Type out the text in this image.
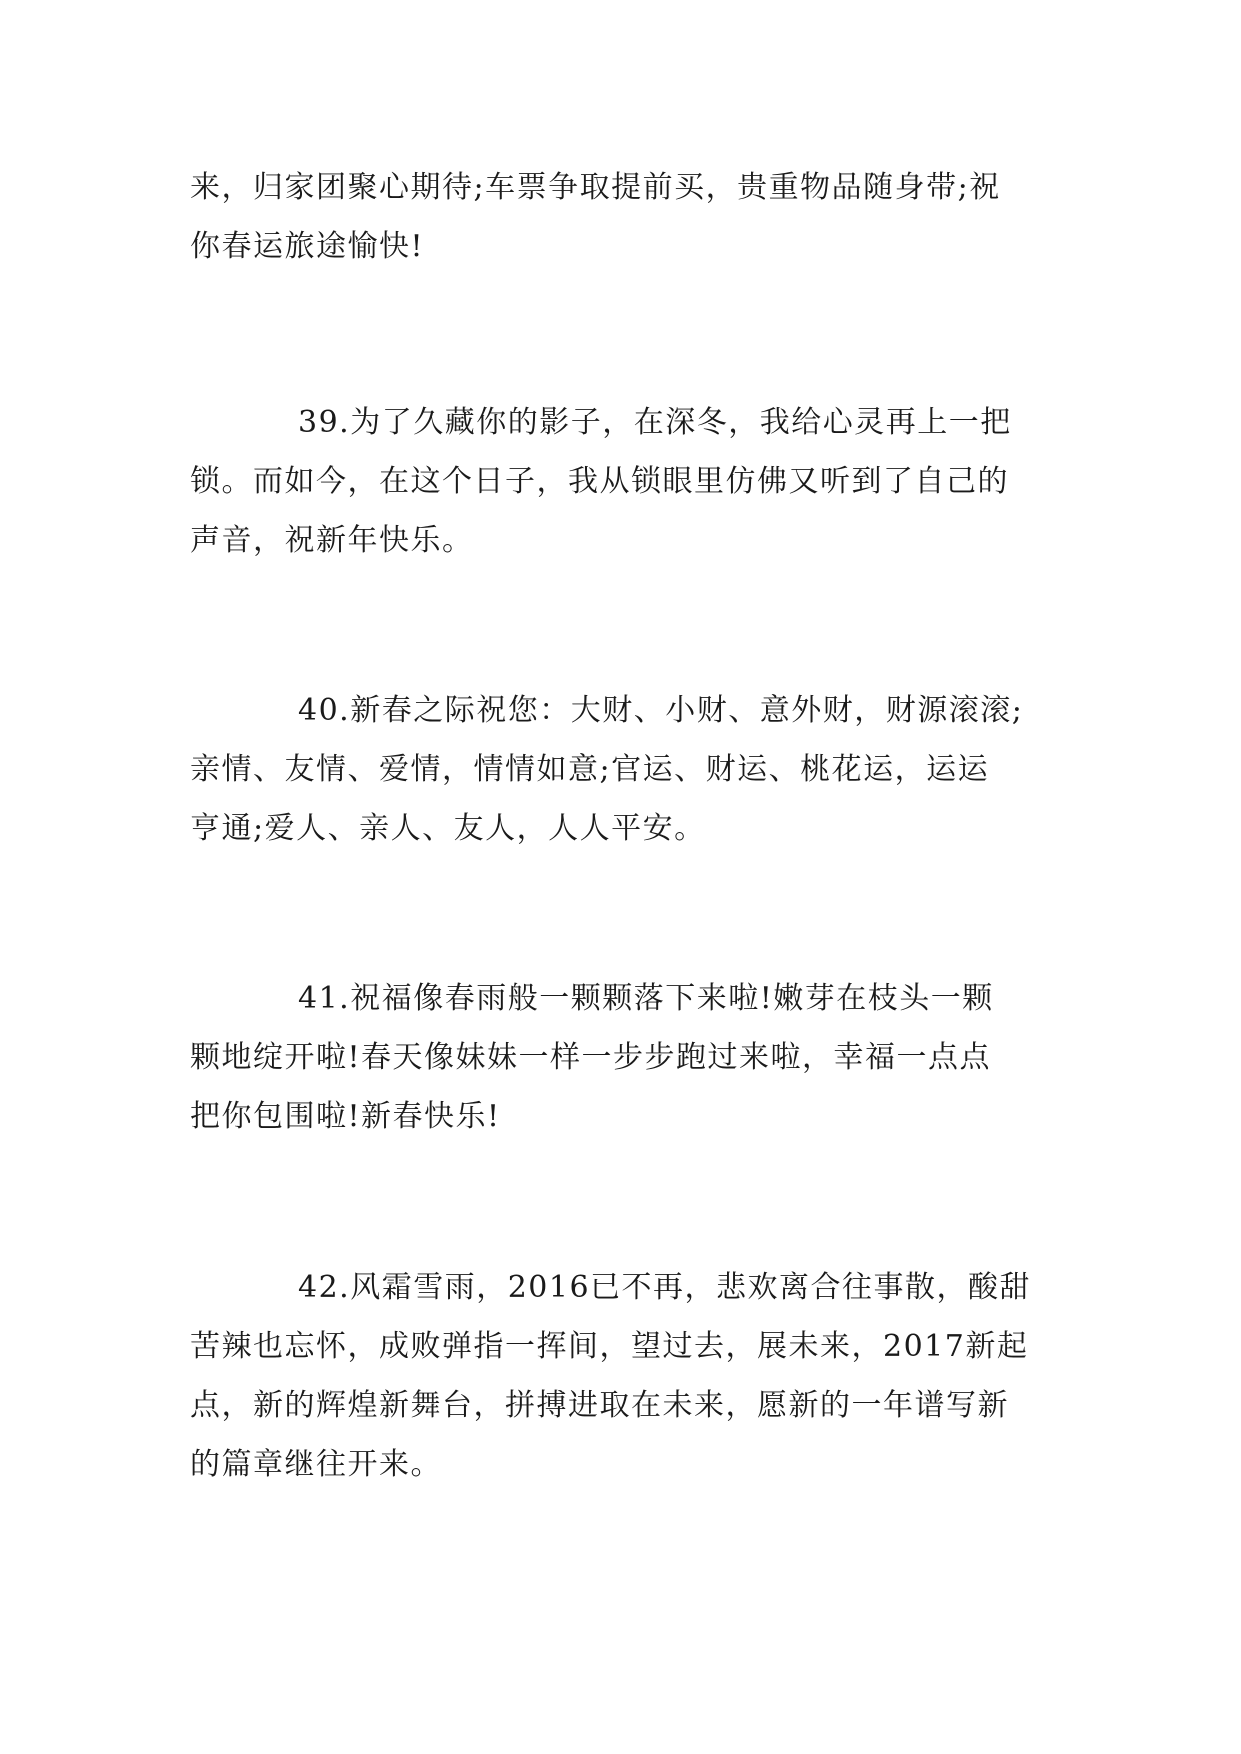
来，归家团聚心期待;车票争取提前买，贵重物品随身带;祝
你春运旅途愉快!

39.为了久藏你的影子，在深冬，我给心灵再上一把
锁。而如今，在这个日子，我从锁眼里仿佛又听到了自己的
声音，祝新年快乐。

40.新春之际祝您：大财、小财、意外财，财源滚滚;
亲情、友情、爱情，情情如意;官运、财运、桃花运，运运
亨通;爱人、亲人、友人，人人平安。

41.祝福像春雨般一颗颗落下来啦!嫩芽在枝头一颗
颗地绽开啦!春天像妹妹一样一步步跑过来啦，幸福一点点
把你包围啦!新春快乐!

42.风霜雪雨，2016已不再，悲欢离合往事散，酸甜
苦辣也忘怀，成败弹指一挥间，望过去，展未来，2017新起
点，新的辉煌新舞台，拼搏进取在未来，愿新的一年谱写新
的篇章继往开来。
